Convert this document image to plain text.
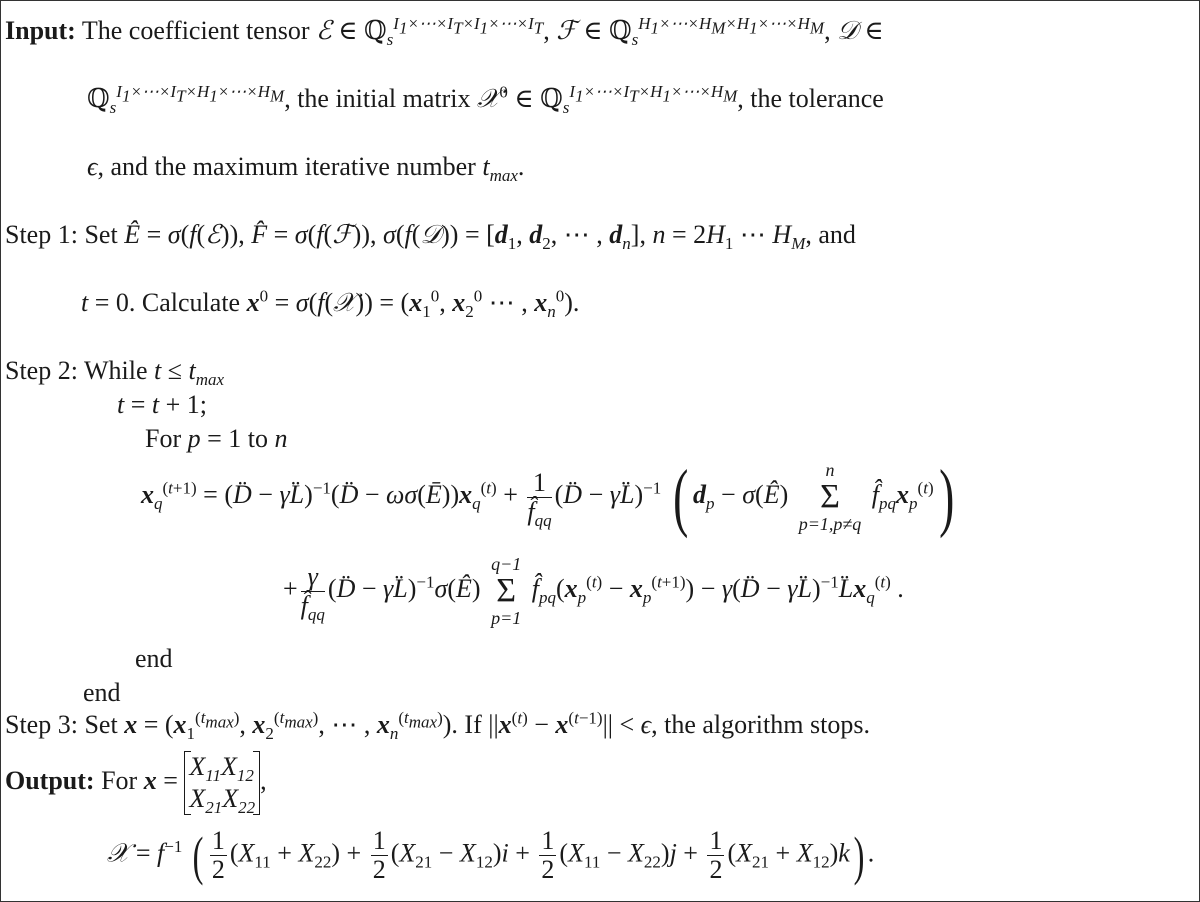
Input: The coefficient tensor ℰ ∈ ℚ$_s^{I_1\times\cdots\times I_T\times I_1\times\cdots\times I_T}$, ℱ ∈ ℚ$_s^{H_1\times\cdots\times H_M\times H_1\times\cdots\times H_M}$, 𝒟 ∈
ℚ$_s^{I_1\times\cdots\times I_T\times H_1\times\cdots\times H_M}$, the initial matrix 𝒳$^0$ ∈ ℚ$_s^{I_1\times\cdots\times I_T\times H_1\times\cdots\times H_M}$, the tolerance
ϵ, and the maximum iterative number $t_{max}$.
Step 1: Set Ê = σ(f(ℰ)), F̂ = σ(f(ℱ)), σ(f(𝒟)) = [$d_1$, $d_2$, ⋯ , $d_n$], $n = 2H_1$ ⋯ $H_M$, and
t = 0. Calculate $x^0$ = σ(f(𝒳)) = ($x_1^0$, $x_2^0$ ⋯ , $x_n^0$).
Step 2: While $t \le t_{max}$
t = t + 1;
For p = 1 to n
$x_q^{(t+1)}$ = (D̈ − γL̈)$^{-1}$(D̈ − $\omega\sigma(Ē))x_q^{(t)} + \frac{1}{f̂_{qq}}$ (D̈ − γL̈)$^{-1}$ ( $d_p$ − σ(Ê)
n
Σ
p=1,p≠q
$f̂_{pq}x_p^{(t)}$)
+ $\frac{\gamma}{f̂_{qq}}$ (D̈ − γL̈)$^{-1}$σ(Ê)
q−1
Σ
p=1
$f̂_{pq}(x_p^{(t)} - x_p^{(t+1)})$ − γ(D̈ − $\gamma L̈)^{-1}L̈x_q^{(t)}$ .
end
end
Step 3: Set $x = (x_1^{(t_{max})}$, $x_2^{(t_{max})}$, ⋯ , $x_n^{(t_{max})}$). If $||x^{(t)} - x^{(t-1)}|| < \epsilon$, the algorithm stops.
Output: For $x = X_{11}X_{12}$
$X_{21}X_{22}$
,
𝒳 = $f^{-1}$ ( $\frac{1}{2} (X_{11} + X_{22}) + \frac{1}{2} (X_{21} - X_{12})i + \frac{1}{2} (X_{11} - X_{22})j + \frac{1}{2} (X_{21} + X_{12})k$) .
